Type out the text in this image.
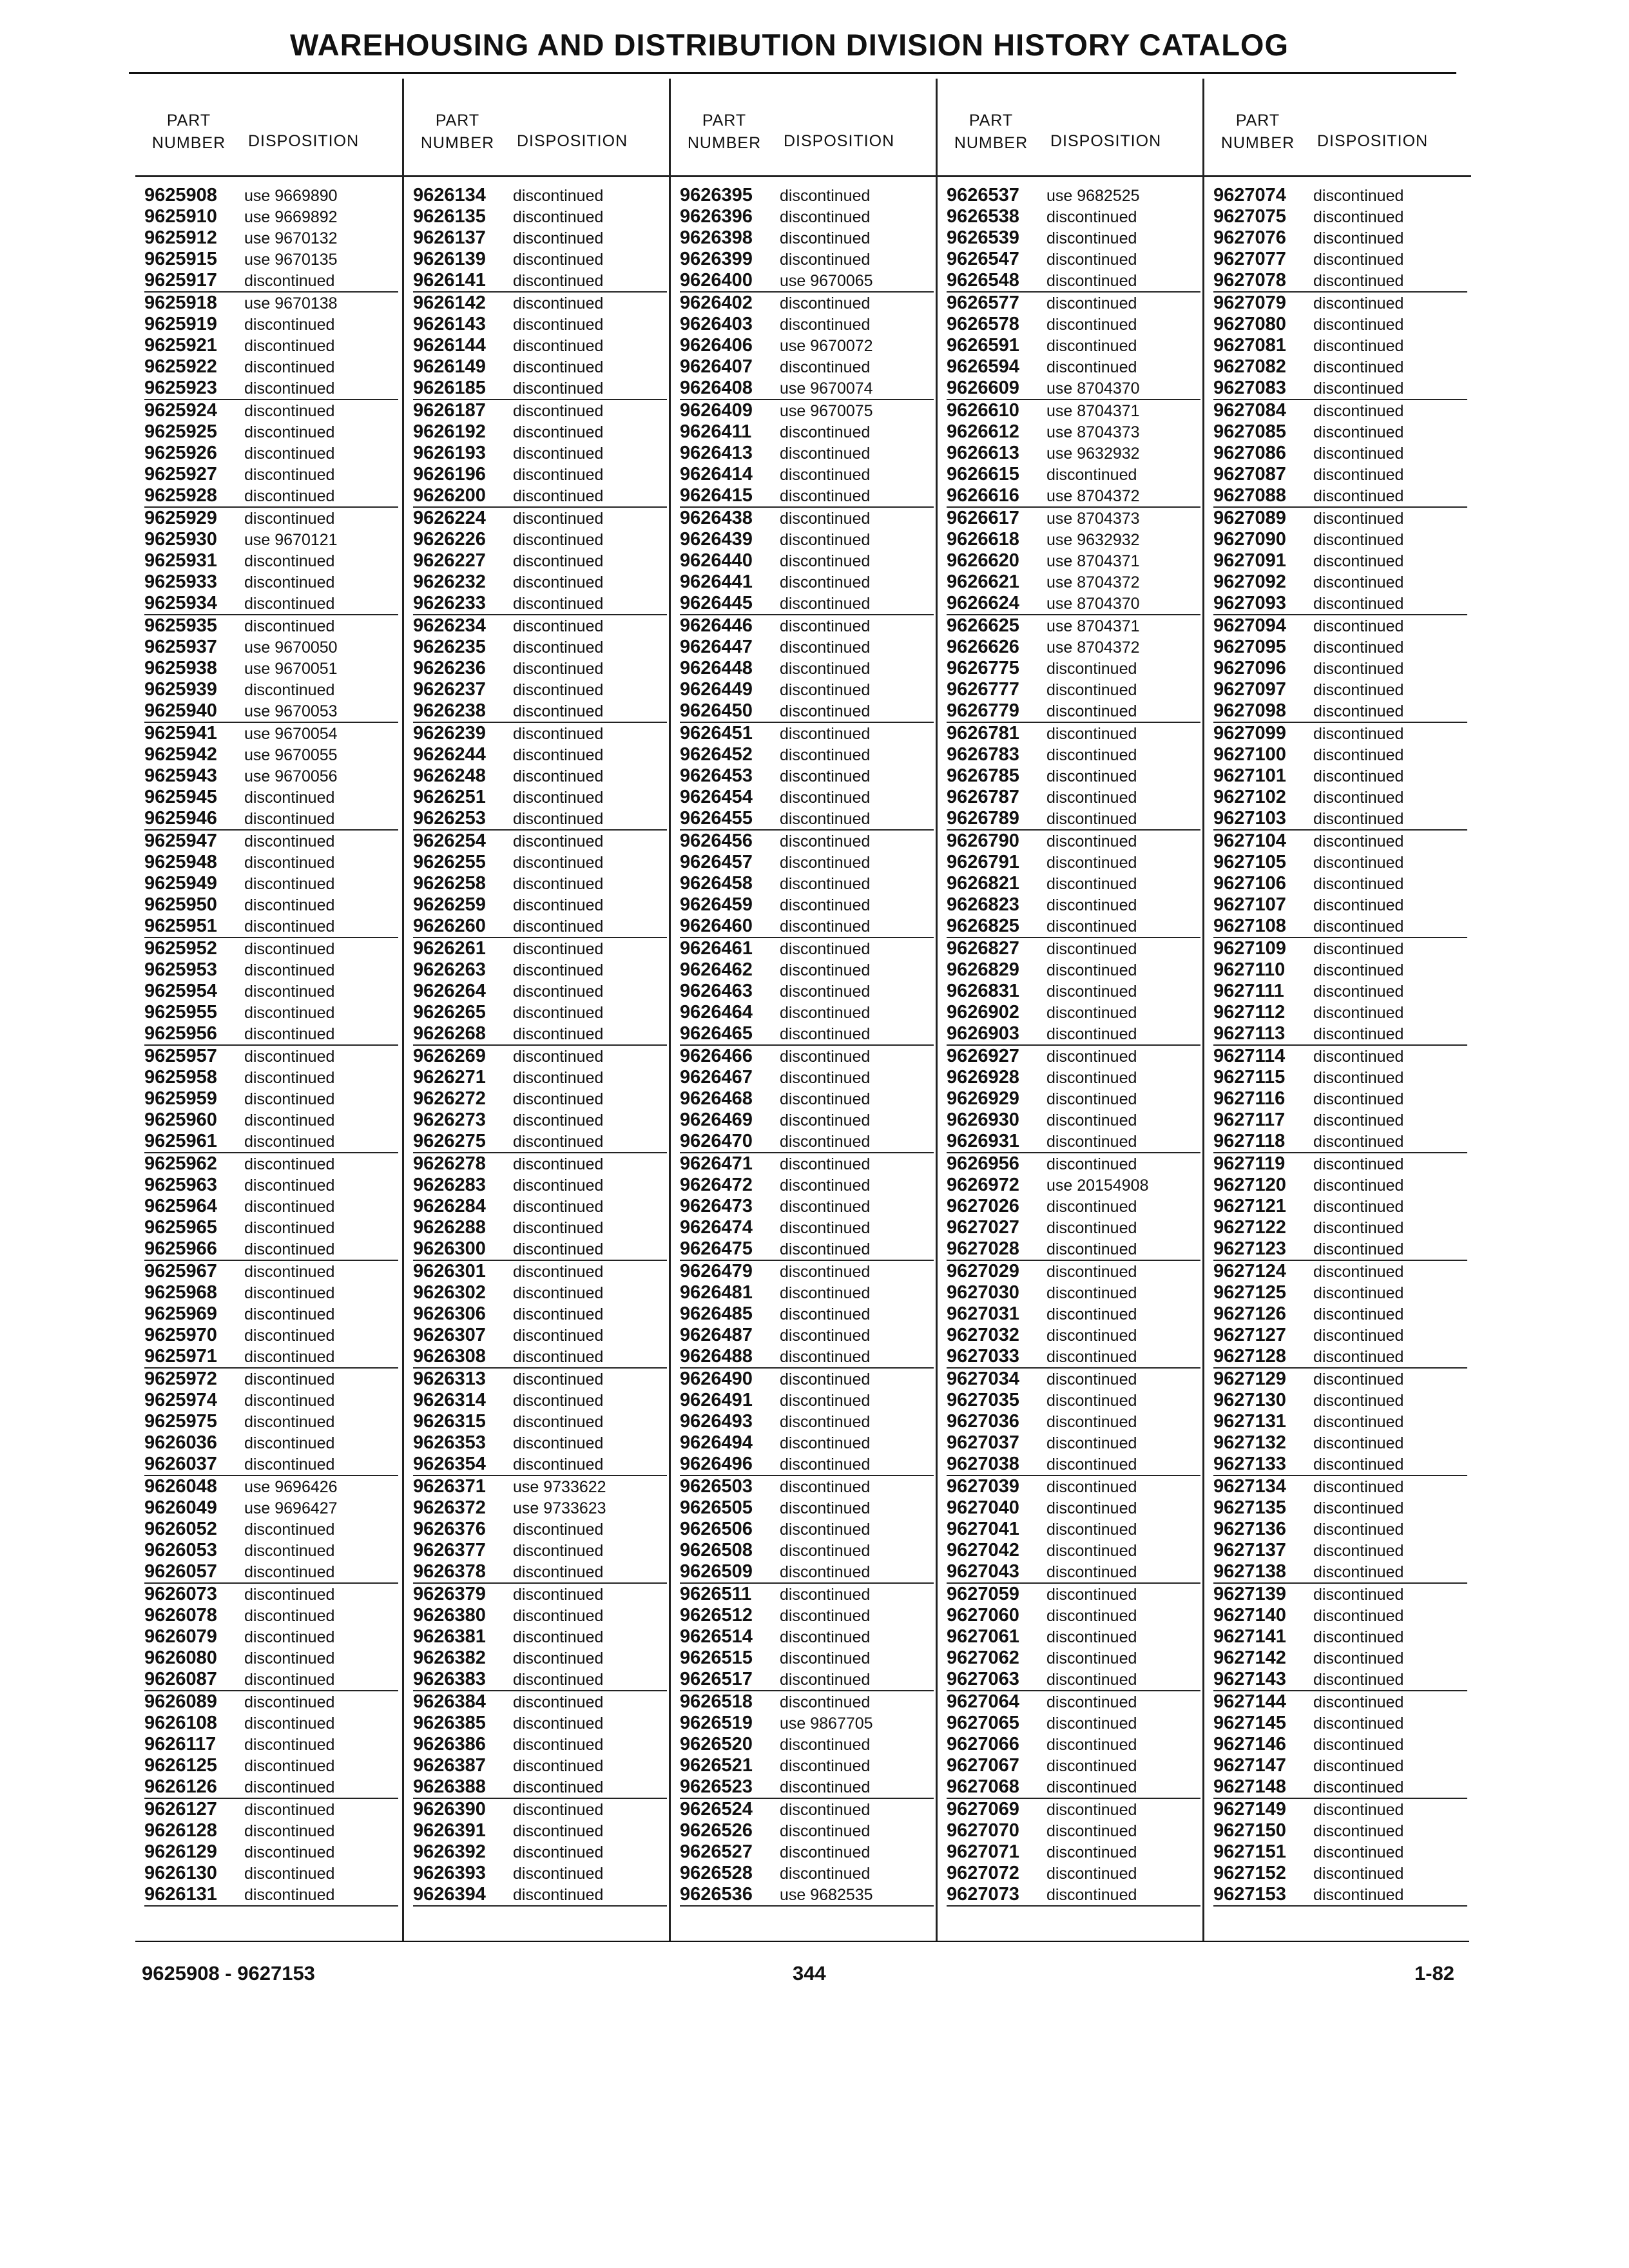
WAREHOUSING AND DISTRIBUTION DIVISION HISTORY CATALOG
PART
NUMBER	DISPOSITION
9625908	use 9669890
9625910	use 9669892
9625912	use 9670132
9625915	use 9670135
9625917	discontinued
9625918	use 9670138
9625919	discontinued
9625921	discontinued
9625922	discontinued
9625923	discontinued
9625924	discontinued
9625925	discontinued
9625926	discontinued
9625927	discontinued
9625928	discontinued
9625929	discontinued
9625930	use 9670121
9625931	discontinued
9625933	discontinued
9625934	discontinued
9625935	discontinued
9625937	use 9670050
9625938	use 9670051
9625939	discontinued
9625940	use 9670053
9625941	use 9670054
9625942	use 9670055
9625943	use 9670056
9625945	discontinued
9625946	discontinued
9625947	discontinued
9625948	discontinued
9625949	discontinued
9625950	discontinued
9625951	discontinued
9625952	discontinued
9625953	discontinued
9625954	discontinued
9625955	discontinued
9625956	discontinued
9625957	discontinued
9625958	discontinued
9625959	discontinued
9625960	discontinued
9625961	discontinued
9625962	discontinued
9625963	discontinued
9625964	discontinued
9625965	discontinued
9625966	discontinued
9625967	discontinued
9625968	discontinued
9625969	discontinued
9625970	discontinued
9625971	discontinued
9625972	discontinued
9625974	discontinued
9625975	discontinued
9626036	discontinued
9626037	discontinued
9626048	use 9696426
9626049	use 9696427
9626052	discontinued
9626053	discontinued
9626057	discontinued
9626073	discontinued
9626078	discontinued
9626079	discontinued
9626080	discontinued
9626087	discontinued
9626089	discontinued
9626108	discontinued
9626117	discontinued
9626125	discontinued
9626126	discontinued
9626127	discontinued
9626128	discontinued
9626129	discontinued
9626130	discontinued
9626131	discontinued
PART
NUMBER	DISPOSITION
9626134	discontinued
9626135	discontinued
9626137	discontinued
9626139	discontinued
9626141	discontinued
9626142	discontinued
9626143	discontinued
9626144	discontinued
9626149	discontinued
9626185	discontinued
9626187	discontinued
9626192	discontinued
9626193	discontinued
9626196	discontinued
9626200	discontinued
9626224	discontinued
9626226	discontinued
9626227	discontinued
9626232	discontinued
9626233	discontinued
9626234	discontinued
9626235	discontinued
9626236	discontinued
9626237	discontinued
9626238	discontinued
9626239	discontinued
9626244	discontinued
9626248	discontinued
9626251	discontinued
9626253	discontinued
9626254	discontinued
9626255	discontinued
9626258	discontinued
9626259	discontinued
9626260	discontinued
9626261	discontinued
9626263	discontinued
9626264	discontinued
9626265	discontinued
9626268	discontinued
9626269	discontinued
9626271	discontinued
9626272	discontinued
9626273	discontinued
9626275	discontinued
9626278	discontinued
9626283	discontinued
9626284	discontinued
9626288	discontinued
9626300	discontinued
9626301	discontinued
9626302	discontinued
9626306	discontinued
9626307	discontinued
9626308	discontinued
9626313	discontinued
9626314	discontinued
9626315	discontinued
9626353	discontinued
9626354	discontinued
9626371	use 9733622
9626372	use 9733623
9626376	discontinued
9626377	discontinued
9626378	discontinued
9626379	discontinued
9626380	discontinued
9626381	discontinued
9626382	discontinued
9626383	discontinued
9626384	discontinued
9626385	discontinued
9626386	discontinued
9626387	discontinued
9626388	discontinued
9626390	discontinued
9626391	discontinued
9626392	discontinued
9626393	discontinued
9626394	discontinued
PART
NUMBER	DISPOSITION
9626395	discontinued
9626396	discontinued
9626398	discontinued
9626399	discontinued
9626400	use 9670065
9626402	discontinued
9626403	discontinued
9626406	use 9670072
9626407	discontinued
9626408	use 9670074
9626409	use 9670075
9626411	discontinued
9626413	discontinued
9626414	discontinued
9626415	discontinued
9626438	discontinued
9626439	discontinued
9626440	discontinued
9626441	discontinued
9626445	discontinued
9626446	discontinued
9626447	discontinued
9626448	discontinued
9626449	discontinued
9626450	discontinued
9626451	discontinued
9626452	discontinued
9626453	discontinued
9626454	discontinued
9626455	discontinued
9626456	discontinued
9626457	discontinued
9626458	discontinued
9626459	discontinued
9626460	discontinued
9626461	discontinued
9626462	discontinued
9626463	discontinued
9626464	discontinued
9626465	discontinued
9626466	discontinued
9626467	discontinued
9626468	discontinued
9626469	discontinued
9626470	discontinued
9626471	discontinued
9626472	discontinued
9626473	discontinued
9626474	discontinued
9626475	discontinued
9626479	discontinued
9626481	discontinued
9626485	discontinued
9626487	discontinued
9626488	discontinued
9626490	discontinued
9626491	discontinued
9626493	discontinued
9626494	discontinued
9626496	discontinued
9626503	discontinued
9626505	discontinued
9626506	discontinued
9626508	discontinued
9626509	discontinued
9626511	discontinued
9626512	discontinued
9626514	discontinued
9626515	discontinued
9626517	discontinued
9626518	discontinued
9626519	use 9867705
9626520	discontinued
9626521	discontinued
9626523	discontinued
9626524	discontinued
9626526	discontinued
9626527	discontinued
9626528	discontinued
9626536	use 9682535
PART
NUMBER	DISPOSITION
9626537	use 9682525
9626538	discontinued
9626539	discontinued
9626547	discontinued
9626548	discontinued
9626577	discontinued
9626578	discontinued
9626591	discontinued
9626594	discontinued
9626609	use 8704370
9626610	use 8704371
9626612	use 8704373
9626613	use 9632932
9626615	discontinued
9626616	use 8704372
9626617	use 8704373
9626618	use 9632932
9626620	use 8704371
9626621	use 8704372
9626624	use 8704370
9626625	use 8704371
9626626	use 8704372
9626775	discontinued
9626777	discontinued
9626779	discontinued
9626781	discontinued
9626783	discontinued
9626785	discontinued
9626787	discontinued
9626789	discontinued
9626790	discontinued
9626791	discontinued
9626821	discontinued
9626823	discontinued
9626825	discontinued
9626827	discontinued
9626829	discontinued
9626831	discontinued
9626902	discontinued
9626903	discontinued
9626927	discontinued
9626928	discontinued
9626929	discontinued
9626930	discontinued
9626931	discontinued
9626956	discontinued
9626972	use 20154908
9627026	discontinued
9627027	discontinued
9627028	discontinued
9627029	discontinued
9627030	discontinued
9627031	discontinued
9627032	discontinued
9627033	discontinued
9627034	discontinued
9627035	discontinued
9627036	discontinued
9627037	discontinued
9627038	discontinued
9627039	discontinued
9627040	discontinued
9627041	discontinued
9627042	discontinued
9627043	discontinued
9627059	discontinued
9627060	discontinued
9627061	discontinued
9627062	discontinued
9627063	discontinued
9627064	discontinued
9627065	discontinued
9627066	discontinued
9627067	discontinued
9627068	discontinued
9627069	discontinued
9627070	discontinued
9627071	discontinued
9627072	discontinued
9627073	discontinued
PART
NUMBER	DISPOSITION
9627074	discontinued
9627075	discontinued
9627076	discontinued
9627077	discontinued
9627078	discontinued
9627079	discontinued
9627080	discontinued
9627081	discontinued
9627082	discontinued
9627083	discontinued
9627084	discontinued
9627085	discontinued
9627086	discontinued
9627087	discontinued
9627088	discontinued
9627089	discontinued
9627090	discontinued
9627091	discontinued
9627092	discontinued
9627093	discontinued
9627094	discontinued
9627095	discontinued
9627096	discontinued
9627097	discontinued
9627098	discontinued
9627099	discontinued
9627100	discontinued
9627101	discontinued
9627102	discontinued
9627103	discontinued
9627104	discontinued
9627105	discontinued
9627106	discontinued
9627107	discontinued
9627108	discontinued
9627109	discontinued
9627110	discontinued
9627111	discontinued
9627112	discontinued
9627113	discontinued
9627114	discontinued
9627115	discontinued
9627116	discontinued
9627117	discontinued
9627118	discontinued
9627119	discontinued
9627120	discontinued
9627121	discontinued
9627122	discontinued
9627123	discontinued
9627124	discontinued
9627125	discontinued
9627126	discontinued
9627127	discontinued
9627128	discontinued
9627129	discontinued
9627130	discontinued
9627131	discontinued
9627132	discontinued
9627133	discontinued
9627134	discontinued
9627135	discontinued
9627136	discontinued
9627137	discontinued
9627138	discontinued
9627139	discontinued
9627140	discontinued
9627141	discontinued
9627142	discontinued
9627143	discontinued
9627144	discontinued
9627145	discontinued
9627146	discontinued
9627147	discontinued
9627148	discontinued
9627149	discontinued
9627150	discontinued
9627151	discontinued
9627152	discontinued
9627153	discontinued
9625908 - 9627153	344	1-82
